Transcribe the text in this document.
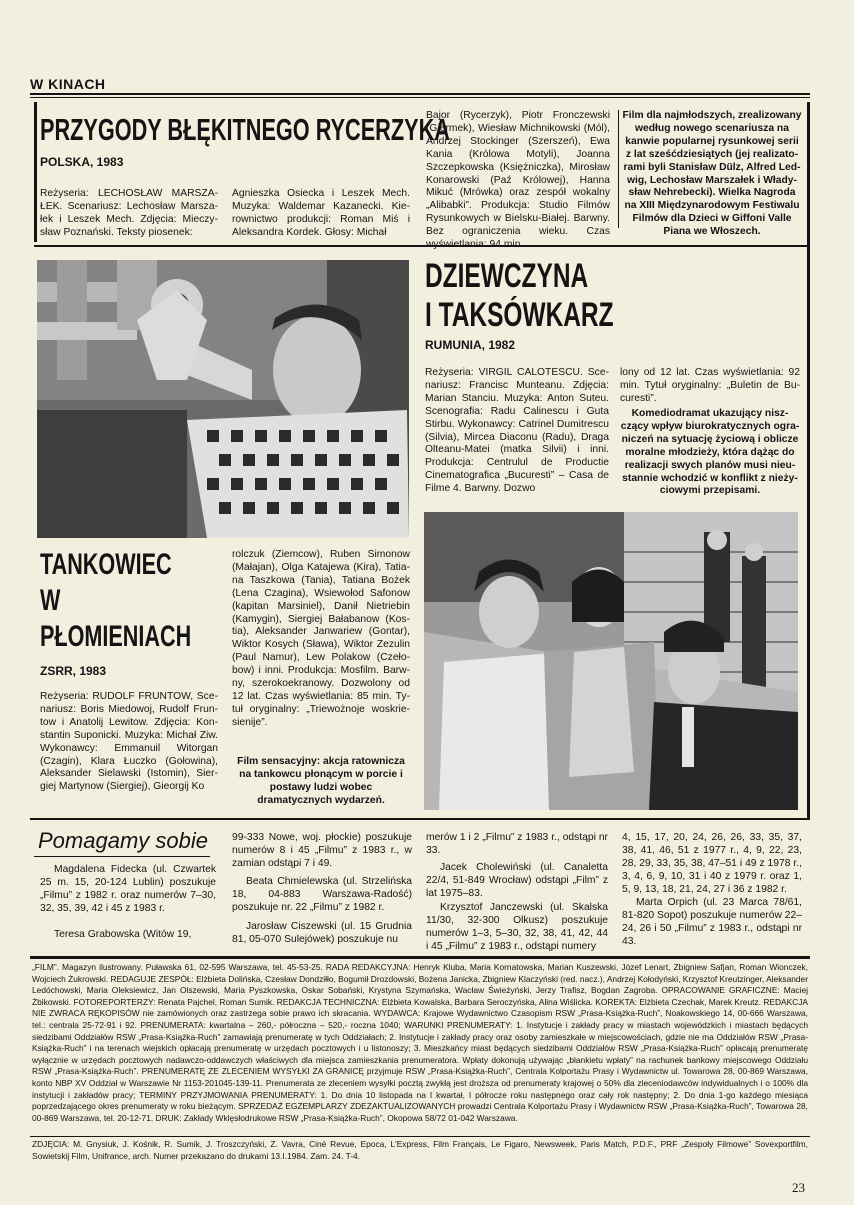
W KINACH
PRZYGODY BŁĘKITNEGO RYCERZYKA
POLSKA, 1983
Reżyseria: LECHOSŁAW MARSZAŁEK. Scenariusz: Lechosław Marszałek i Leszek Mech. Zdjęcia: Mieczysław Poznański. Teksty piosenek:
Agnieszka Osiecka i Leszek Mech. Muzyka: Waldemar Kazanecki. Kierownictwo produkcji: Roman Miś i Aleksandra Kordek. Głosy: Michał
Bajor (Rycerzyk), Piotr Fronczewski (Giermek), Wiesław Michnikowski (Mól), Andrzej Stockinger (Szerszeń), Ewa Kania (Królowa Motyli), Joanna Szczepkowska (Księżniczka), Mirosław Konarowski (Paź Królowej), Hanna Mikuć (Mrówka) oraz zespół wokalny „Alibabki”. Produkcja: Studio Filmów Rysunkowych w Bielsku-Białej. Barwny. Bez ograniczenia wieku. Czas wyświetlania: 94 min.
Film dla najmłodszych, zrealizowany według nowego scenariusza na kanwie popularnej rysunkowej serii z lat sześćdziesiątych (jej realizatorami byli Stanisław Dülz, Alfred Ledwig, Lechosław Marszałek i Władysław Nehrebecki). Wielka Nagroda na XIII Międzynarodowym Festiwalu Filmów dla Dzieci w Giffoni Valle Piana we Włoszech.
DZIEWCZYNA
I TAKSÓWKARZ
RUMUNIA, 1982
Reżyseria: VIRGIL CALOTESCU. Scenariusz: Francisc Munteanu. Zdjęcia: Marian Stanciu. Muzyka: Anton Suteu. Scenografia: Radu Calinescu i Guta Stirbu. Wykonawcy: Catrinel Dumitrescu (Silvia), Mircea Diaconu (Radu), Draga Olteanu-Matei (matka Silvii) i inni. Produkcja: Centrulul de Productie Cinematografica „Bucuresti” – Casa de Filme 4. Barwny. Dozwo
lony od 12 lat. Czas wyświetlania: 92 min. Tytuł oryginalny: „Buletin de Bucuresti”.
Komediodramat ukazujący niszczący wpływ biurokratycznych ograniczeń na sytuację życiową i oblicze moralne młodzieży, która dążąc do realizacji swych planów musi nieustannie wchodzić w konflikt z nieżyciowymi przepisami.
TANKOWIEC
W
PŁOMIENIACH
ZSRR, 1983
Reżyseria: RUDOLF FRUNTOW, Scenariusz: Boris Miedowoj, Rudolf Fruntow i Anatolij Lewitow. Zdjęcia: Konstantin Suponicki. Muzyka: Michał Ziw. Wykonawcy: Emmanuil Witorgan (Czagin), Klara Łuczko (Gołowina), Aleksander Sielawski (Istomin), Siergiej Martynow (Siergiej), Gieorgij Ko
rolczuk (Ziemcow), Ruben Simonow (Małajan), Olga Katajewa (Kira), Tatiana Taszkowa (Tania), Tatiana Bożek (Lena Czagina), Wsiewołod Safonow (kapitan Marsiniel), Danił Nietriebin (Kamygin), Siergiej Bałabanow (Kostia), Aleksander Janwariew (Gontar), Wiktor Kosych (Sława), Wiktor Zezulin (Paul Namur), Lew Polakow (Czełobow) i inni. Produkcja: Mosfilm. Barwny, szerokoekranowy. Dozwolony od 12 lat. Czas wyświetlania: 85 min. Tytuł oryginalny: „Triewożnoje woskriesienije”.
Film sensacyjny: akcja ratownicza na tankowcu płonącym w porcie i postawy ludzi wobec dramatycznych wydarzeń.
Pomagamy sobie
Magdalena Fidecka (ul. Czwartek 25 m. 15, 20-124 Lublin) poszukuje „Filmu” z 1982 r. oraz numerów 7–30, 32, 35, 39, 42 i 45 z 1983 r.
Teresa Grabowska (Witów 19,
99-333 Nowe, woj. płockie) poszukuje numerów 8 i 45 „Filmu” z 1983 r., w zamian odstąpi 7 i 49.
Beata Chmielewska (ul. Strzelińska 18, 04-883 Warszawa-Radość) poszukuje nr. 22 „Filmu” z 1982 r.
Jarosław Ciszewski (ul. 15 Grudnia 81, 05-070 Sulejówek) poszukuje nu
merów 1 i 2 „Filmu” z 1983 r., odstąpi nr 33.
Jacek Cholewiński (ul. Canaletta 22/4, 51-849 Wrocław) odstąpi „Film” z lat 1975–83.
Krzysztof Janczewski (ul. Skalska 11/30, 32-300 Olkusz) poszukuje numerów 1–3, 5–30, 32, 38, 41, 42, 44 i 45 „Filmu” z 1983 r., odstąpi numery
4, 15, 17, 20, 24, 26, 26, 33, 35, 37, 38, 41, 46, 51 z 1977 r., 4, 9, 22, 23, 28, 29, 33, 35, 38, 47–51 i 49 z 1978 r., 3, 4, 6, 9, 10, 31 i 40 z 1979 r. oraz 1, 5, 9, 13, 18, 21, 24, 27 i 36 z 1982 r.
Marta Orpich (ul. 23 Marca 78/61, 81-820 Sopot) poszukuje numerów 22–24, 26 i 50 „Filmu” z 1983 r., odstąpi nr 43.
„FILM”. Magazyn ilustrowany. Puławska 61, 02-595 Warszawa, tel. 45-53-25. RADA REDAKCYJNA: Henryk Kluba, Maria Kornatowska, Marian Kuszewski, Józef Lenart, Zbigniew Safjan, Roman Wionczek, Wojciech Żukrowski. REDAGUJE ZESPÓŁ: Elżbieta Dolińska, Czesław Dondziłło, Bogumił Drozdowski, Bożena Janicka, Zbigniew Klaczyński (red. nacz.), Andrzej Kołodyński, Krzysztof Kreutzinger, Aleksander Ledóchowski, Maria Oleksiewicz, Jan Olszewski, Maria Pyszkowska, Oskar Sobański, Krystyna Szymańska, Wacław Świeżyński, Jerzy Trafisz, Bogdan Zagroba. OPRACOWANIE GRAFICZNE: Maciej Żbikowski. FOTOREPORTERZY: Renata Pajchel, Roman Sumik. REDAKCJA TECHNICZNA: Elżbieta Kowalska, Barbara Seroczyńska, Alina Wiślicka. KOREKTA: Elżbieta Czechak, Marek Kreutz. REDAKCJA NIE ZWRACA RĘKOPISÓW nie zamówionych oraz zastrzega sobie prawo ich skracania. WYDAWCA: Krajowe Wydawnictwo Czasopism RSW „Prasa-Książka-Ruch”, Noakowskiego 14, 00-666 Warszawa, tel.: centrala 25-72-91 i 92. PRENUMERATA: kwartalna – 260,- półroczna – 520,- roczna 1040; WARUNKI PRENUMERATY: 1. Instytucje i zakłady pracy w miastach wojewódzkich i miastach będących siedzibami Oddziałów RSW „Prasa-Książka-Ruch” zamawiają prenumeratę w tych Oddziałach; 2. Instytucje i zakłady pracy oraz osoby zamieszkałe w miejscowościach, gdzie nie ma Oddziałów RSW „Prasa-Książka-Ruch” i na terenach wiejskich opłacają prenumeratę w urzędach pocztowych i u listonoszy; 3. Mieszkańcy miast będących siedzibami Oddziałów RSW „Prasa-Książka-Ruch” opłacają prenumeratę wyłącznie w urzędach pocztowych nadawczo-oddawczych właściwych dla miejsca zamieszkania prenumeratora. Wpłaty dokonują używając „blankietu wpłaty” na rachunek bankowy miejscowego Oddziału RSW „Prasa-Książka-Ruch”. PRENUMERATĘ ZE ZLECENIEM WYSYŁKI ZA GRANICĘ przyjmuje RSW „Prasa-Książka-Ruch”, Centrala Kolportażu Prasy i Wydawnictw ul. Towarowa 28, 00-869 Warszawa, konto NBP XV Oddział w Warszawie Nr 1153-201045-139-11. Prenumerata ze zleceniem wysyłki pocztą zwykłą jest droższa od prenumeraty krajowej o 50% dla zleceniodawców indywidualnych i o 100% dla instytucji i zakładów pracy; TERMINY PRZYJMOWANIA PRENUMERATY: 1. Do dnia 10 listopada na I kwartał, I półrocze roku następnego oraz cały rok następny; 2. Do dnia 1-go każdego miesiąca poprzedzającego okres prenumeraty w roku bieżącym. SPRZEDAŻ EGZEMPLARZY ZDEZAKTUALIZOWANYCH prowadzi Centrala Kolportażu Prasy i Wydawnictw RSW „Prasa-Książka-Ruch”, Towarowa 28, 00-869 Warszawa, tel. 20-12-71. DRUK: Zakłady Wklęsłodrukowe RSW „Prasa-Książka-Ruch”, Okopowa 58/72 01-042 Warszawa.
ZDJĘCIA: M. Gnysiuk, J. Kośnik, R. Sumik, J. Troszczyński, Z. Vavra, Ciné Revue, Epoca, L'Express, Film Français, Le Figaro, Newsweek, Paris Match, P.D.F., PRF „Zespoły Filmowe” Sovexportfilm, Sowietskij Film, Unifrance, arch. Numer przekazano do drukarni 13.I.1984. Zam. 24. T-4.
23
